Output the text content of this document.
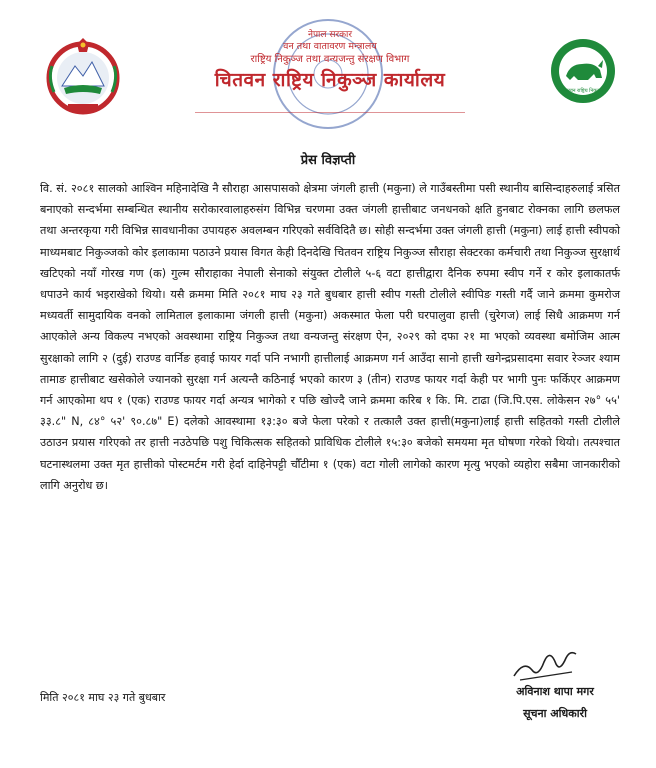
नेपाल सरकार
वन तथा वातावरण मन्त्रालय
राष्ट्रिय निकुञ्ज तथा वन्यजन्तु संरक्षण विभाग
चितवन राष्ट्रिय निकुञ्ज कार्यालय	चितवन राष्ट्रिय निकुञ्ज
प्रेस विज्ञप्ती
वि. सं. २०८१ सालको आश्विन महिनादेखि नै सौराहा आसपासको क्षेत्रमा जंगली हात्ती (मकुना) ले गाउँबस्तीमा पसी स्थानीय बासिन्दाहरुलाई त्रसित बनाएको सन्दर्भमा सम्बन्धित स्थानीय सरोकारवालाहरुसंग विभिन्न चरणमा उक्त जंगली हात्तीबाट जनधनको क्षति हुनबाट रोक्नका लागि छलफल तथा अन्तरकृया गरी विभिन्न सावधानीका उपायहरु अवलम्बन गरिएको सर्वविदितै छ। सोही सन्दर्भमा उक्त जंगली हात्ती (मकुना) लाई हात्ती स्वीपको माध्यमबाट निकुञ्जको कोर इलाकामा पठाउने प्रयास विगत केही दिनदेखि चितवन राष्ट्रिय निकुञ्ज सौराहा सेक्टरका कर्मचारी तथा निकुञ्ज सुरक्षार्थ खटिएको नयाँ गोरख गण (क) गुल्म सौराहाका नेपाली सेनाको संयुक्त टोलीले ५-६ वटा हात्तीद्वारा दैनिक रुपमा स्वीप गर्ने र कोर इलाकातर्फ धपाउने कार्य भइराखेको थियो। यसै क्रममा मिति २०८१ माघ २३ गते बुधबार हात्ती स्वीप गस्ती टोलीले स्वीपिङ गस्ती गर्दै जाने क्रममा कुमरोज मध्यवर्ती सामुदायिक वनको लामिताल इलाकामा जंगली हात्ती (मकुना) अकस्मात फेला परी घरपालुवा हात्ती (चुरेगज) लाई सिधै आक्रमण गर्न आएकोले अन्य विकल्प नभएको अवस्थामा राष्ट्रिय निकुञ्ज तथा वन्यजन्तु संरक्षण ऐन, २०२९ को दफा २१ मा भएको व्यवस्था बमोजिम आत्म सुरक्षाको लागि २ (दुई) राउण्ड वार्निङ हवाई फायर गर्दा पनि नभागी हात्तीलाई आक्रमण गर्न आउँदा सानो हात्ती खगेन्द्रप्रसादमा सवार रेञ्जर श्याम तामाङ हात्तीबाट खसेकोले ज्यानको सुरक्षा गर्न अत्यन्तै कठिनाई भएको कारण ३ (तीन) राउण्ड फायर गर्दा केही पर भागी पुनः फर्किएर आक्रमण गर्न आएकोमा थप १ (एक) राउण्ड फायर गर्दा अन्यत्र भागेको र पछि खोज्दै जाने क्रममा करिब १ कि. मि. टाढा (जि.पि.एस. लोकेसन २७° ५५' ३३.८" N, ८४° ५२' ९०.८७" E) दलेको आवस्थामा १३:३० बजे फेला परेको र तत्कालै उक्त हात्ती(मकुना)लाई हात्ती सहितको गस्ती टोलीले उठाउन प्रयास गरिएको तर हात्ती नउठेपछि पशु चिकित्सक सहितको प्राविधिक टोलीले १५:३० बजेको समयमा मृत घोषणा गरेको थियो। तत्पश्चात घटनास्थलमा उक्त मृत हात्तीको पोस्टमर्टम गरी हेर्दा दाहिनेपट्टी चौँटीमा १ (एक) वटा गोली लागेको कारण मृत्यु भएको व्यहोरा सबैमा जानकारीको लागि अनुरोध छ।
अविनाश थापा मगर
सूचना अधिकारी
मिति २०८१ माघ २३ गते बुधबार
